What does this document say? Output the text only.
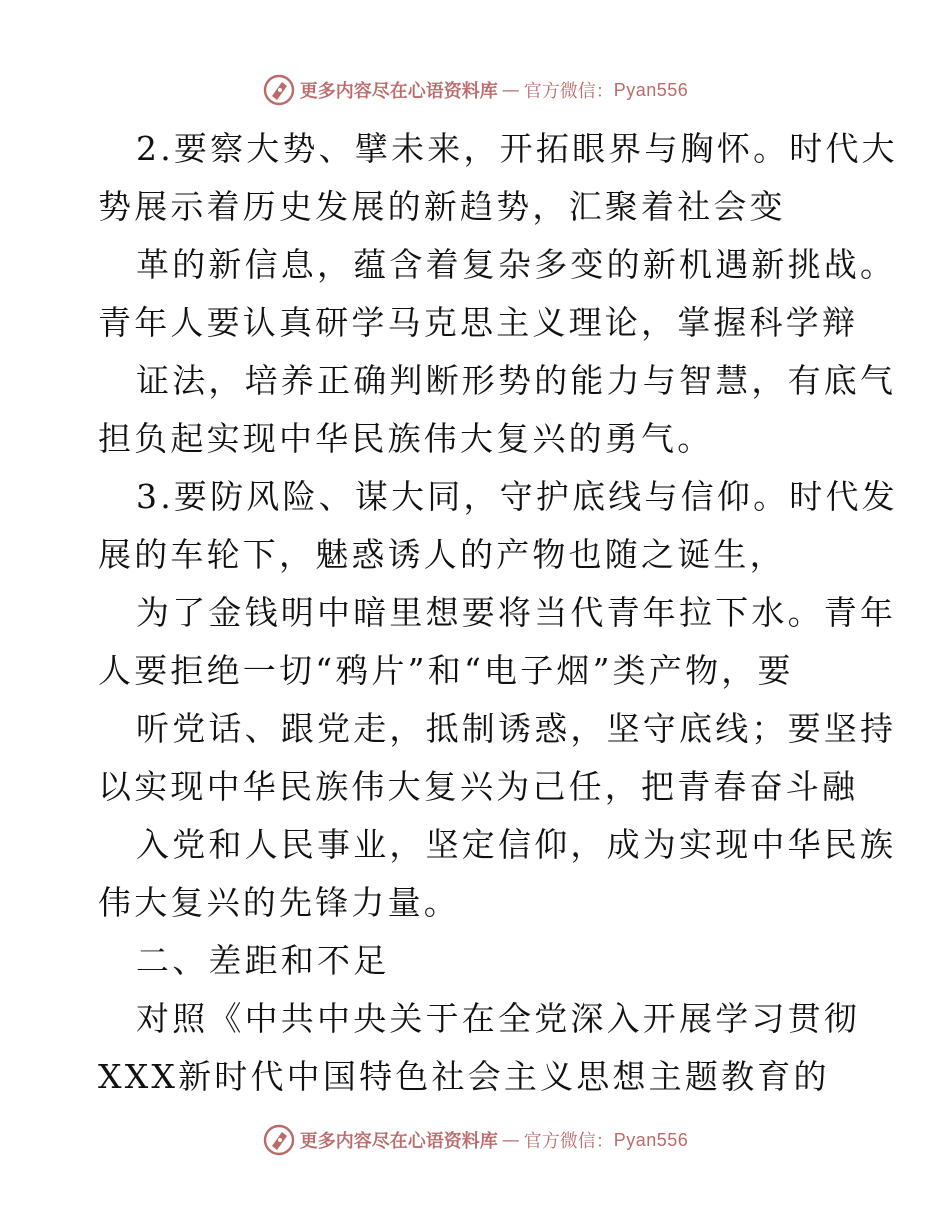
更多内容尽在心语资料库 — 官方微信： Pyan556
2.要察大势、擘未来，开拓眼界与胸怀。时代大
势展示着历史发展的新趋势，汇聚着社会变
革的新信息，蕴含着复杂多变的新机遇新挑战。
青年人要认真研学马克思主义理论，掌握科学辩
证法，培养正确判断形势的能力与智慧，有底气
担负起实现中华民族伟大复兴的勇气。
3.要防风险、谋大同，守护底线与信仰。时代发
展的车轮下，魅惑诱人的产物也随之诞生，
为了金钱明中暗里想要将当代青年拉下水。青年
人要拒绝一切“鸦片”和“电子烟”类产物，要
听党话、跟党走，抵制诱惑，坚守底线；要坚持
以实现中华民族伟大复兴为己任，把青春奋斗融
入党和人民事业，坚定信仰，成为实现中华民族
伟大复兴的先锋力量。
二、差距和不足
对照《中共中央关于在全党深入开展学习贯彻
XXX新时代中国特色社会主义思想主题教育的
更多内容尽在心语资料库 — 官方微信： Pyan556
